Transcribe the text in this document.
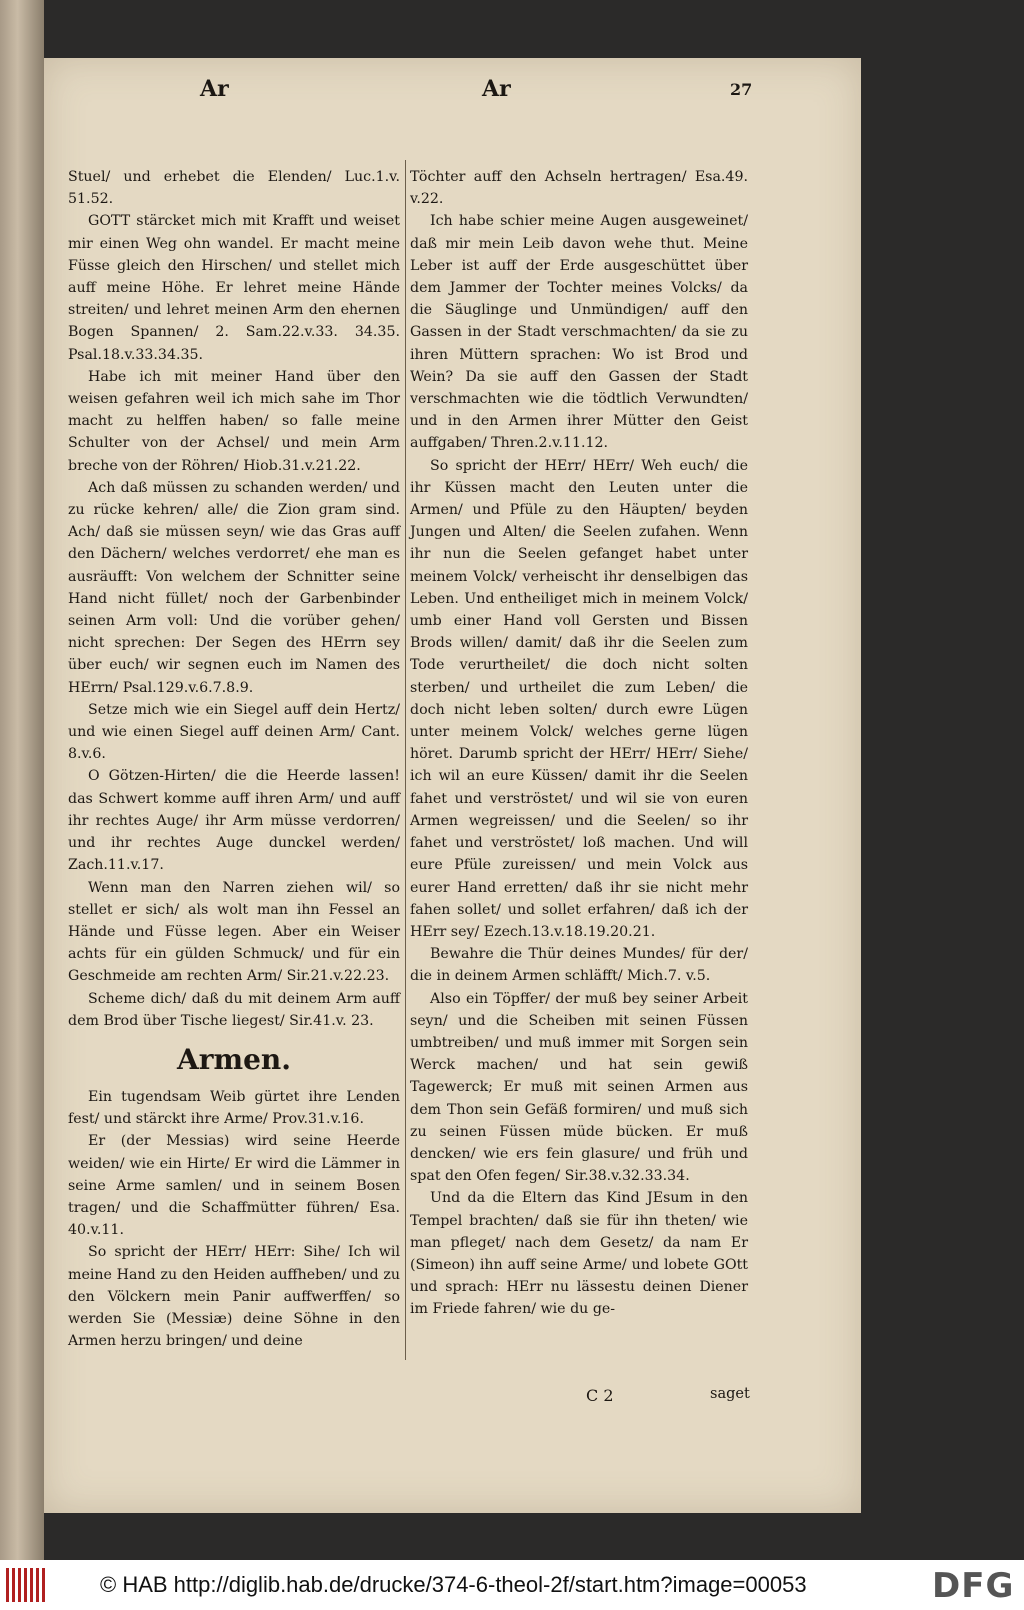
Ar	Ar	27

Stuel/ und erhebet die Elenden/ Luc.1.v. 51.52.

GOTT stärcket mich mit Krafft und weiset mir einen Weg ohn wandel. Er macht meine Füsse gleich den Hirschen/ und stellet mich auff meine Höhe. Er lehret meine Hände streiten/ und lehret meinen Arm den ehernen Bogen Spannen/ 2. Sam.22.v.33. 34.35. Psal.18.v.33.34.35.

Habe ich mit meiner Hand über den weisen gefahren weil ich mich sahe im Thor macht zu helffen haben/ so falle meine Schulter von der Achsel/ und mein Arm breche von der Röhren/ Hiob.31.v.21.22.

Ach daß müssen zu schanden werden/ und zu rücke kehren/ alle/ die Zion gram sind. Ach/ daß sie müssen seyn/ wie das Gras auff den Dächern/ welches verdorret/ ehe man es ausräufft: Von welchem der Schnitter seine Hand nicht füllet/ noch der Garbenbinder seinen Arm voll: Und die vorüber gehen/ nicht sprechen: Der Segen des HErrn sey über euch/ wir segnen euch im Namen des HErrn/ Psal.129.v.6.7.8.9.

Setze mich wie ein Siegel auff dein Hertz/ und wie einen Siegel auff deinen Arm/ Cant. 8.v.6.

O Götzen-Hirten/ die die Heerde lassen! das Schwert komme auff ihren Arm/ und auff ihr rechtes Auge/ ihr Arm müsse verdorren/ und ihr rechtes Auge dunckel werden/ Zach.11.v.17.

Wenn man den Narren ziehen wil/ so stellet er sich/ als wolt man ihn Fessel an Hände und Füsse legen. Aber ein Weiser achts für ein gülden Schmuck/ und für ein Geschmeide am rechten Arm/ Sir.21.v.22.23.

Scheme dich/ daß du mit deinem Arm auff dem Brod über Tische liegest/ Sir.41.v. 23.

Armen.

Ein tugendsam Weib gürtet ihre Lenden fest/ und stärckt ihre Arme/ Prov.31.v.16.

Er (der Messias) wird seine Heerde weiden/ wie ein Hirte/ Er wird die Lämmer in seine Arme samlen/ und in seinem Bosen tragen/ und die Schaffmütter führen/ Esa. 40.v.11.

So spricht der HErr/ HErr: Sihe/ Ich wil meine Hand zu den Heiden auffheben/ und zu den Völckern mein Panir auffwerffen/ so werden Sie (Messiæ) deine Söhne in den Armen herzu bringen/ und deine

Töchter auff den Achseln hertragen/ Esa.49. v.22.

Ich habe schier meine Augen ausgeweinet/ daß mir mein Leib davon wehe thut. Meine Leber ist auff der Erde ausgeschüttet über dem Jammer der Tochter meines Volcks/ da die Säuglinge und Unmündigen/ auff den Gassen in der Stadt verschmachten/ da sie zu ihren Müttern sprachen: Wo ist Brod und Wein? Da sie auff den Gassen der Stadt verschmachten wie die tödtlich Verwundten/ und in den Armen ihrer Mütter den Geist auffgaben/ Thren.2.v.11.12.

So spricht der HErr/ HErr/ Weh euch/ die ihr Küssen macht den Leuten unter die Armen/ und Pfüle zu den Häupten/ beyden Jungen und Alten/ die Seelen zufahen. Wenn ihr nun die Seelen gefanget habet unter meinem Volck/ verheischt ihr denselbigen das Leben. Und entheiliget mich in meinem Volck/ umb einer Hand voll Gersten und Bissen Brods willen/ damit/ daß ihr die Seelen zum Tode verurtheilet/ die doch nicht solten sterben/ und urtheilet die zum Leben/ die doch nicht leben solten/ durch ewre Lügen unter meinem Volck/ welches gerne lügen höret. Darumb spricht der HErr/ HErr/ Siehe/ ich wil an eure Küssen/ damit ihr die Seelen fahet und verströstet/ und wil sie von euren Armen wegreissen/ und die Seelen/ so ihr fahet und verströstet/ loß machen. Und will eure Pfüle zureissen/ und mein Volck aus eurer Hand erretten/ daß ihr sie nicht mehr fahen sollet/ und sollet erfahren/ daß ich der HErr sey/ Ezech.13.v.18.19.20.21.

Bewahre die Thür deines Mundes/ für der/ die in deinem Armen schläfft/ Mich.7. v.5.

Also ein Töpffer/ der muß bey seiner Arbeit seyn/ und die Scheiben mit seinen Füssen umbtreiben/ und muß immer mit Sorgen sein Werck machen/ und hat sein gewiß Tagewerck; Er muß mit seinen Armen aus dem Thon sein Gefäß formiren/ und muß sich zu seinen Füssen müde bücken. Er muß dencken/ wie ers fein glasure/ und früh und spat den Ofen fegen/ Sir.38.v.32.33.34.

Und da die Eltern das Kind JEsum in den Tempel brachten/ daß sie für ihn theten/ wie man pfleget/ nach dem Gesetz/ da nam Er (Simeon) ihn auff seine Arme/ und lobete GOtt und sprach: HErr nu lässestu deinen Diener im Friede fahren/ wie du ge-

C 2	saget
© HAB http://diglib.hab.de/drucke/374-6-theol-2f/start.htm?image=00053	DFG
